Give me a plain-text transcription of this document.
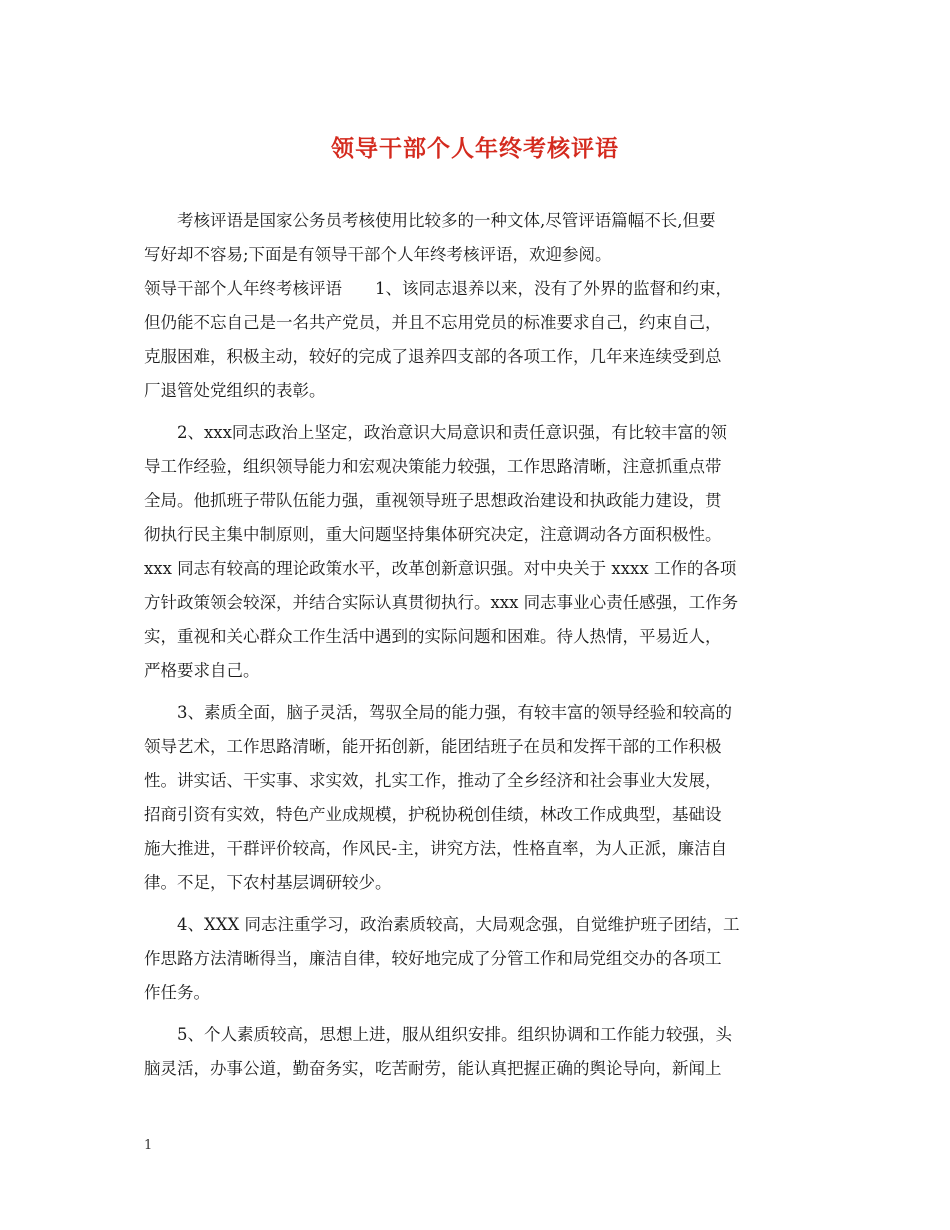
领导干部个人年终考核评语
　　考核评语是国家公务员考核使用比较多的一种文体,尽管评语篇幅不长,但要
写好却不容易;下面是有领导干部个人年终考核评语，欢迎参阅。
领导干部个人年终考核评语　　1、该同志退养以来，没有了外界的监督和约束，
但仍能不忘自己是一名共产党员，并且不忘用党员的标准要求自己，约束自己，
克服困难，积极主动，较好的完成了退养四支部的各项工作，几年来连续受到总
厂退管处党组织的表彰。
　　2、xxx同志政治上坚定，政治意识大局意识和责任意识强，有比较丰富的领
导工作经验，组织领导能力和宏观决策能力较强，工作思路清晰，注意抓重点带
全局。他抓班子带队伍能力强，重视领导班子思想政治建设和执政能力建设，贯
彻执行民主集中制原则，重大问题坚持集体研究决定，注意调动各方面积极性。
xxx 同志有较高的理论政策水平，改革创新意识强。对中央关于 xxxx 工作的各项
方针政策领会较深，并结合实际认真贯彻执行。xxx 同志事业心责任感强，工作务
实，重视和关心群众工作生活中遇到的实际问题和困难。待人热情，平易近人，
严格要求自己。
　　3、素质全面，脑子灵活，驾驭全局的能力强，有较丰富的领导经验和较高的
领导艺术，工作思路清晰，能开拓创新，能团结班子在员和发挥干部的工作积极
性。讲实话、干实事、求实效，扎实工作，推动了全乡经济和社会事业大发展，
招商引资有实效，特色产业成规模，护税协税创佳绩，林改工作成典型，基础设
施大推进，干群评价较高，作风民-主，讲究方法，性格直率，为人正派，廉洁自
律。不足，下农村基层调研较少。
　　4、XXX 同志注重学习，政治素质较高，大局观念强，自觉维护班子团结，工
作思路方法清晰得当，廉洁自律，较好地完成了分管工作和局党组交办的各项工
作任务。
　　5、个人素质较高，思想上进，服从组织安排。组织协调和工作能力较强，头
脑灵活，办事公道，勤奋务实，吃苦耐劳，能认真把握正确的舆论导向，新闻上
1
